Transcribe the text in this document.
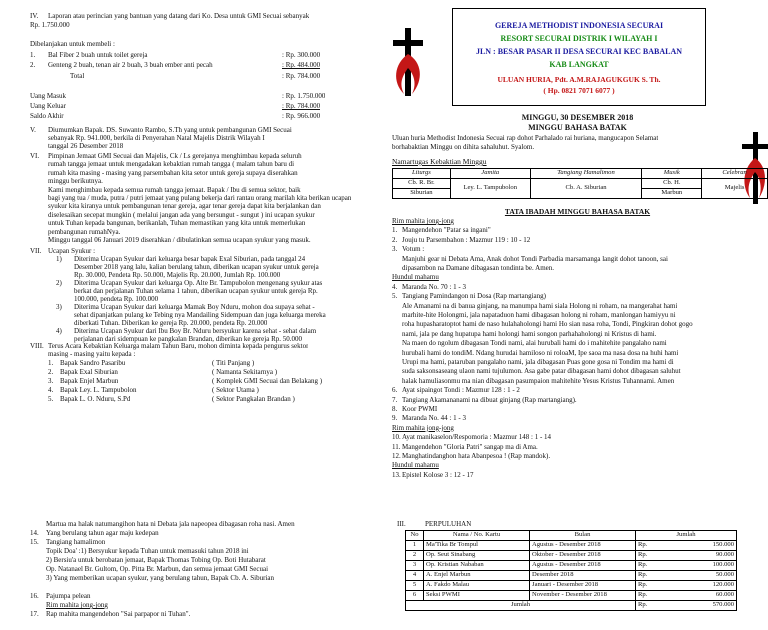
IV. Laporan atau perincian yang bantuan yang datang dari Ko. Desa untuk GMI Secuai sebanyak
Rp. 1.750.000
Dibelanjakan untuk membeli :
1. Bal Fiber 2 buah untuk toilet gereja	: Rp. 300.000
2. Genteng 2 buah, tenan air 2 buah, 3 buah ember anti pecah	: Rp. 484.000
Total	: Rp. 784.000
Uang Masuk	: Rp. 1.750.000
Uang Keluar	: Rp. 784.000
Saldo Akhir	: Rp. 966.000
V. Diumumkan Bapak. DS. Suwanto Rambo, S.Th yang untuk pembangunan GMI Secuai
sebanyak Rp. 941.000, berkila di Penyerahan Natal Majelis Distrik Wilayah I
tanggal 26 Desember 2018
VI. Pimpinan Jemaat GMI Secuai dan Majelis, Ck / Ls gerejanya menghimbau kepada seluruh
rumah tangga jemaat untuk mengadakan kebaktian rumah tangga ( malam tahun baru di
rumah kita masing - masing yang parsembahan kita setor untuk gereja supaya diserahkan
minggu berikutnya.
Kami menghimbau kepada semua rumah tangga jemaat. Bapak / Ibu di semua sektor, baik
bagi yang tua / muda, putra / putri jemaat yang pulang bekerja dari rantau orang marilah kita berikan ucapan
syukur kita kiranya untuk pembangunan tenar gereja, agar tenar gereja dapat kita berjalankan dan
diselesaikan secepat mungkin ( melalui jangan ada yang bersungut - sungut ) ini ucapan syukur
untuk Tuhan kepada bangunan, berikanlah, Tuhan memastikan yang kita untuk memerlukan
pembangunan rumahNya.
Minggu tanggal 06 Januari 2019 diserahkan / dibulatinkan semua ucapan syukur yang masuk.
VII. Ucapan Syukur :
1) Diterima Ucapan Syukur dari keluarga besar bapak Exal Siburian, pada tanggal 24
Desember 2018 yang lalu, kalian berulang tahun, diberikan ucapan syukur untuk gereja
Rp. 30.000, Pendeta Rp. 50.000, Majelis Rp. 20.000, Jumlah Rp. 100.000
2) Diterima Ucapan Syukur dari keluarga Op. Alte Br. Tampubolon mengenang syukur atas
berkat dan perjalanan Tuhan selama 1 tahun, diberikan ucapan syukur untuk gereja Rp.
100.000, pendeta Rp. 100.000
3) Diterima Ucapan Syukur dari keluarga Mamak Boy Nduru, mohon doa supaya sehat -
sehat dipanjatkan pulang ke Tebing nya Mandailing Sidempuan dan juga keluarga mereka
diberkati Tuhan. Diberikan ke gereja Rp. 20.000, pendeta Rp. 20.000
4) Diterima Ucapan Syukur dari Ibu Boy Br. Nduru bersyukur karena sehat - sehat dalam
perjalanan dari sidempuan ke pangkalan Brandan, diberikan ke gereja Rp. 50.000
VIII. Terus Acara Kebaktian Keluarga malam Tahun Baru, mohon diminta kepada pengurus sektor
masing - masing yaitu kepada :
1. Bapak Sandro Pasaribu	( Titi Panjang )
2. Bapak Exal Siburian	( Namanta Sekitarnya )
3. Bapak Enjel Marbun	( Komplek GMI Secuai dan Belakang )
4. Bapak Ley. L. Tampubolon	( Sektor Utama )
5. Bapak L. O. Nduru, S.Pd	( Sektor Pangkalan Brandan )
Martua ma halak natumangihon hata ni Debata jala napeopea dibagasan roha nasi. Amen
14. Yang berulang tahun agar maju kedepan
15. Tangiang hamalimon
Topik Doa' :1) Bersyukur kepada Tuhan untuk memasuki tahun 2018 ini
2) Bersiu'a untuk berobatan jemaat, Bapak Thomas Tobing Op. Boti Hutabarat
Op. Natanael Br. Gultom, Op. Pitta Br. Marbun, dan semua jemaat GMI Secuai
3) Yang memberikan ucapan syukur, yang berulang tahun, Bapak Cb. A. Siburian
16. Pajumpa pelean
Rim mahita jong-jong
17. Rap mahita mangendehon "Sai parpapor ni Tuhan".
GEREJA METHODIST INDONESIA SECURAI
RESORT SECURAI DISTRIK I WILAYAH I
JLN : BESAR PASAR II DESA SECURAI KEC BABALAN
KAB LANGKAT
ULUAN HURIA, Pdt. A.M.RAJAGUKGUK S. Th.
( Hp. 0821 7071 6077 )
MINGGU, 30 DESEMBER 2018
MINGGU BAHASA BATAK
Uluan huria Methodist Indonesia Secuai rap dohot Parhalado rai huriana, mangucapon Selamat
borhabaktian Minggu on dihita sahaluhut. Syalom.
Namartugas Kebaktian Minggu
Liturgs	Jamita	Tangiang Hamalimon	Musik	Celebran
Cb. R. Br.	Ley. L. Tampubolon	Cb. A. Siburian	Cb. H.	Majelis
Siburian			Marbun	
TATA IBADAH MINGGU BAHASA BATAK
Rim mahita jong-jong
1. Mangendehon "Patar sa ingani"
2. Jouju tu Parsembahon : Mazmur 119 : 10 - 12
3. Votum :
Manjuhi gear ni Debata Ama, Anak dohot Tondi Parbadia marsamanga langit dohot tanoon, sai
dipasambon na Damane dibagasan tondinta be. Amen.
Hundul mahamu
4. Maranda No. 70 : 1 - 3
5. Tangiang Pamindangon ni Dosa (Rap martangiang)
Ale Amanami na di banua ginjang, na manumpa hami siala Holong ni roham, na mangerahat hami
marhite-hite Holongmi, jala napataduon hami dibagasan holong ni roham, manlongan hamiyyu ni
roha hupasharatoptot hami de naso hulahaholongi hami Ho sian nasa roha, Tondi, Pingkiran dohot gogo
nami, jala pe dang hupatupa hami holongi hami songon parhahaholongi ni Kristus di hami.
Na maen do ngolum dibagasan Tondi nami, alai hurubali hami do i mahitehite pangalaho nami
hurubali hami do tondiM. Ndang hurudai hamiloso ni roloaM, Ipe saoa ma nasa dosa na huhi hami
Urupi ma hami, pataruban pangalaho nami, jala dibagasan Puas gone gosa ni Tondim ma hami di
suda saksonsaseang ulaon nami tujulumon. Asa gabe patar dibagasan hami dohot dibagasan saluhut
halak hamuliasonmu ma nian dibagasan pasumpaion mahitehite Yesus Kristus Tuhannami. Amen
6. Ayat sipaingot Tondi : Mazmur 128 : 1 - 2
7. Tangiang Akamananami na dibuat ginjang (Rap martangiang).
8. Koor PWMI
9. Maranda No. 44 : 1 - 3
Rim mahita jong-jong
10. Ayat manikaselon/Respomoria : Mazmur 148 : 1 - 14
11. Mangendehon "Gloria Patri" sangap ma di Ama.
12. Manghatindanghon hata Abanpesoa ! (Rap mandok).
Hundul mahamu
13. Epistel Kolose 3 : 12 - 17
III.	PERPULUHAN
No	Nama / No. Kartu	Bulan	Jumlah	
1	Ma'Tika Br Tompul	Agustus - Desember 2018	Rp.	150.000
2	Op. Seut Sinabang	Oktober - Desember 2018	Rp.	90.000
3	Op. Kristian Nababan	Agustus - Desember 2018	Rp.	100.000
4	A. Enjel Marbun	Desember 2018	Rp.	50.000
5	A. Fakdo Malau	Januari - Desember 2018	Rp.	120.000
6	Seksi PWMI	November - Desember 2018	Rp.	60.000
Jumlah			Rp.	570.000
